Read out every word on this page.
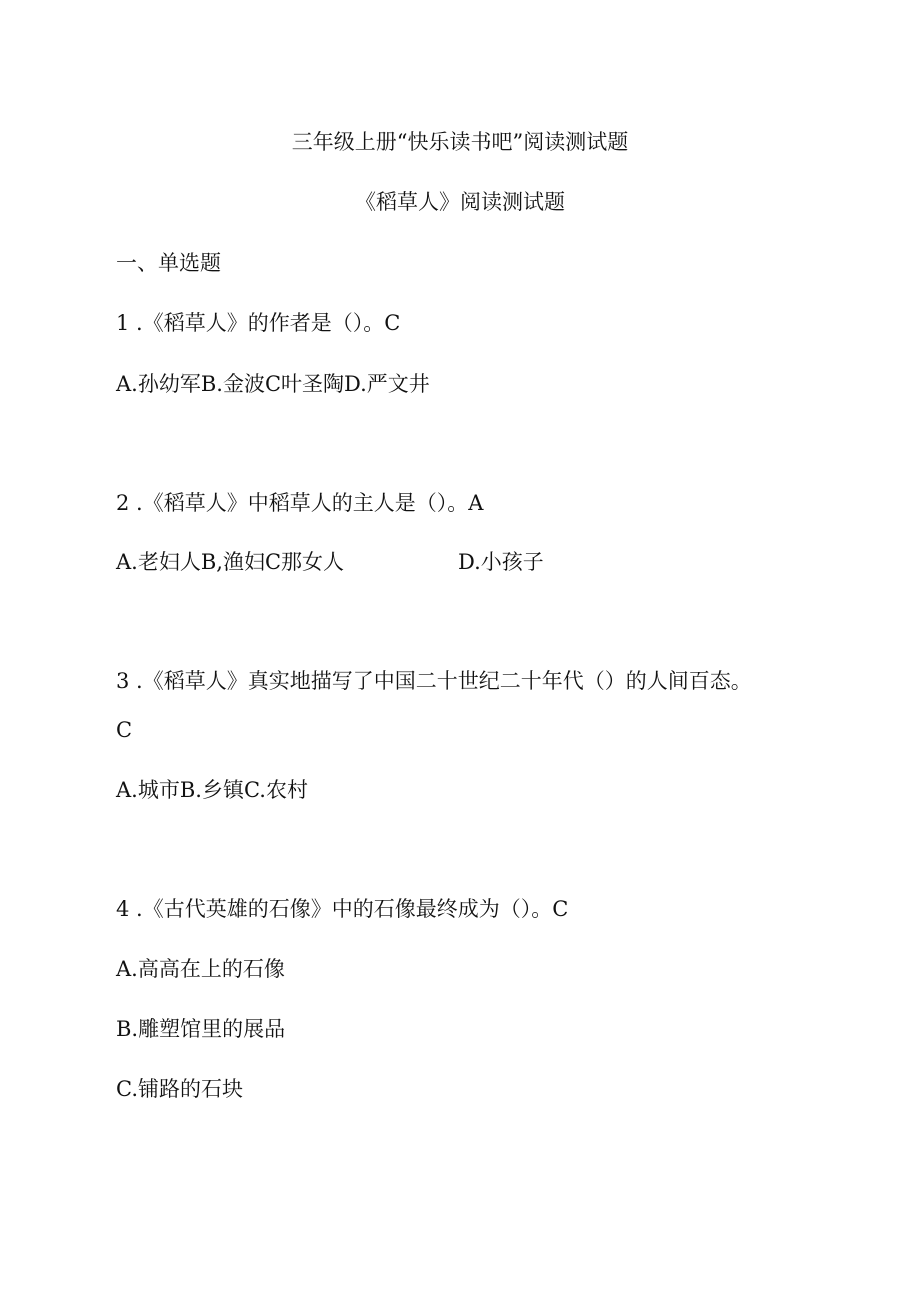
三年级上册“快乐读书吧”阅读测试题
《稻草人》阅读测试题
一、单选题
1 .《稻草人》的作者是（）。C
A.孙幼军B.金波C叶圣陶D.严文井
2 .《稻草人》中稻草人的主人是（）。A
A.老妇人B,渔妇C那女人	D.小孩子
3 .《稻草人》真实地描写了中国二十世纪二十年代（）的人间百态。
C
A.城市B.乡镇C.农村
4 .《古代英雄的石像》中的石像最终成为（）。C
A.高高在上的石像
B.雕塑馆里的展品
C.铺路的石块
